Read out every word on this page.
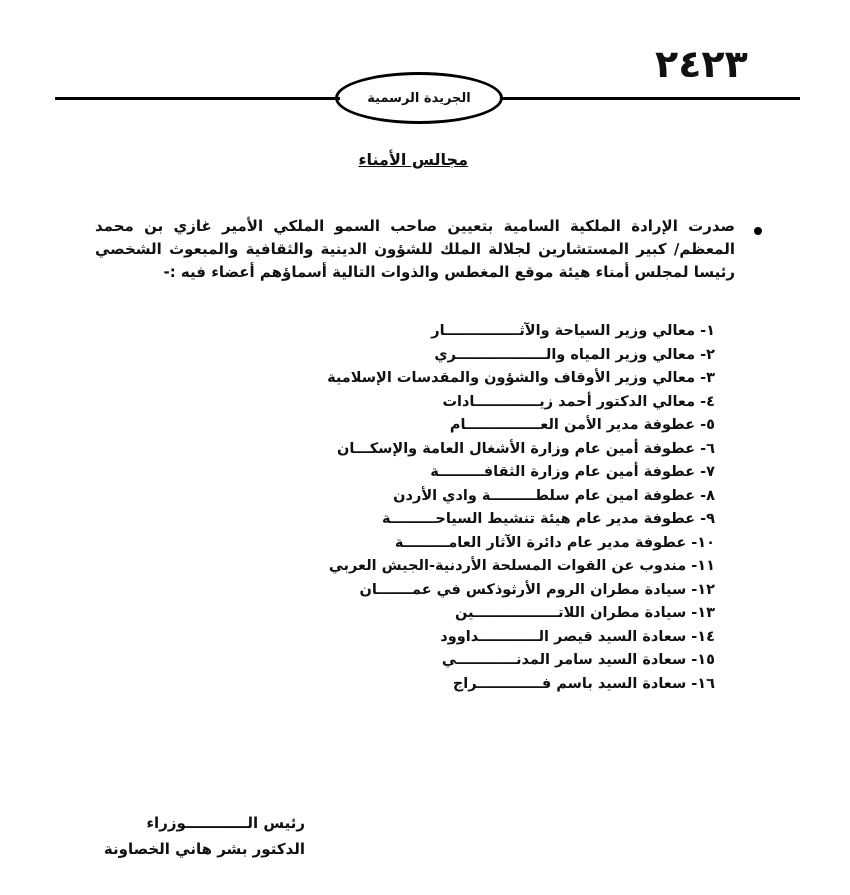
٢٤٢٣
الجريدة الرسمية
مجالس الأمناء

صدرت الإرادة الملكية السامية بتعيين صاحب السمو الملكي الأمير غازي بن محمد المعظم/ كبير المستشارين لجلالة الملك للشؤون الدينية والثقافية والمبعوث الشخصي رئيسا لمجلس أمناء هيئة موقع المغطس والذوات التالية أسماؤهم أعضاء فيه :-

١- معالي وزير السياحة والآثـــــــــــــــار
٢- معالي وزير المياه والــــــــــــــــــري
٣- معالي وزير الأوقاف والشؤون والمقدسات الإسلامية
٤- معالي الدكتور أحمد زيـــــــــــــادات
٥- عطوفة مدير الأمن العـــــــــــــــام
٦- عطوفة أمين عام وزارة الأشغال العامة والإسكـــان
٧- عطوفة أمين عام وزارة الثقافـــــــــة
٨- عطوفة امين عام سلطـــــــــة وادي الأردن
٩- عطوفة مدير عام هيئة تنشيط السياحـــــــــة
١٠- عطوفة مدير عام دائرة الآثار العامـــــــــة
١١- مندوب عن القوات المسلحة الأردنية-الجيش العربي
١٢- سيادة مطران الروم الأرثوذكس في عمـــــــان
١٣- سيادة مطران اللاتـــــــــــــــــين
١٤- سعادة السيد قيصر الــــــــــــداوود
١٥- سعادة السيد سامر المدنــــــــــــي
١٦- سعادة السيد باسم فـــــــــــــراج
رئيس الــــــــــــوزراء
الدكتور بشر هاني الخصاونة
